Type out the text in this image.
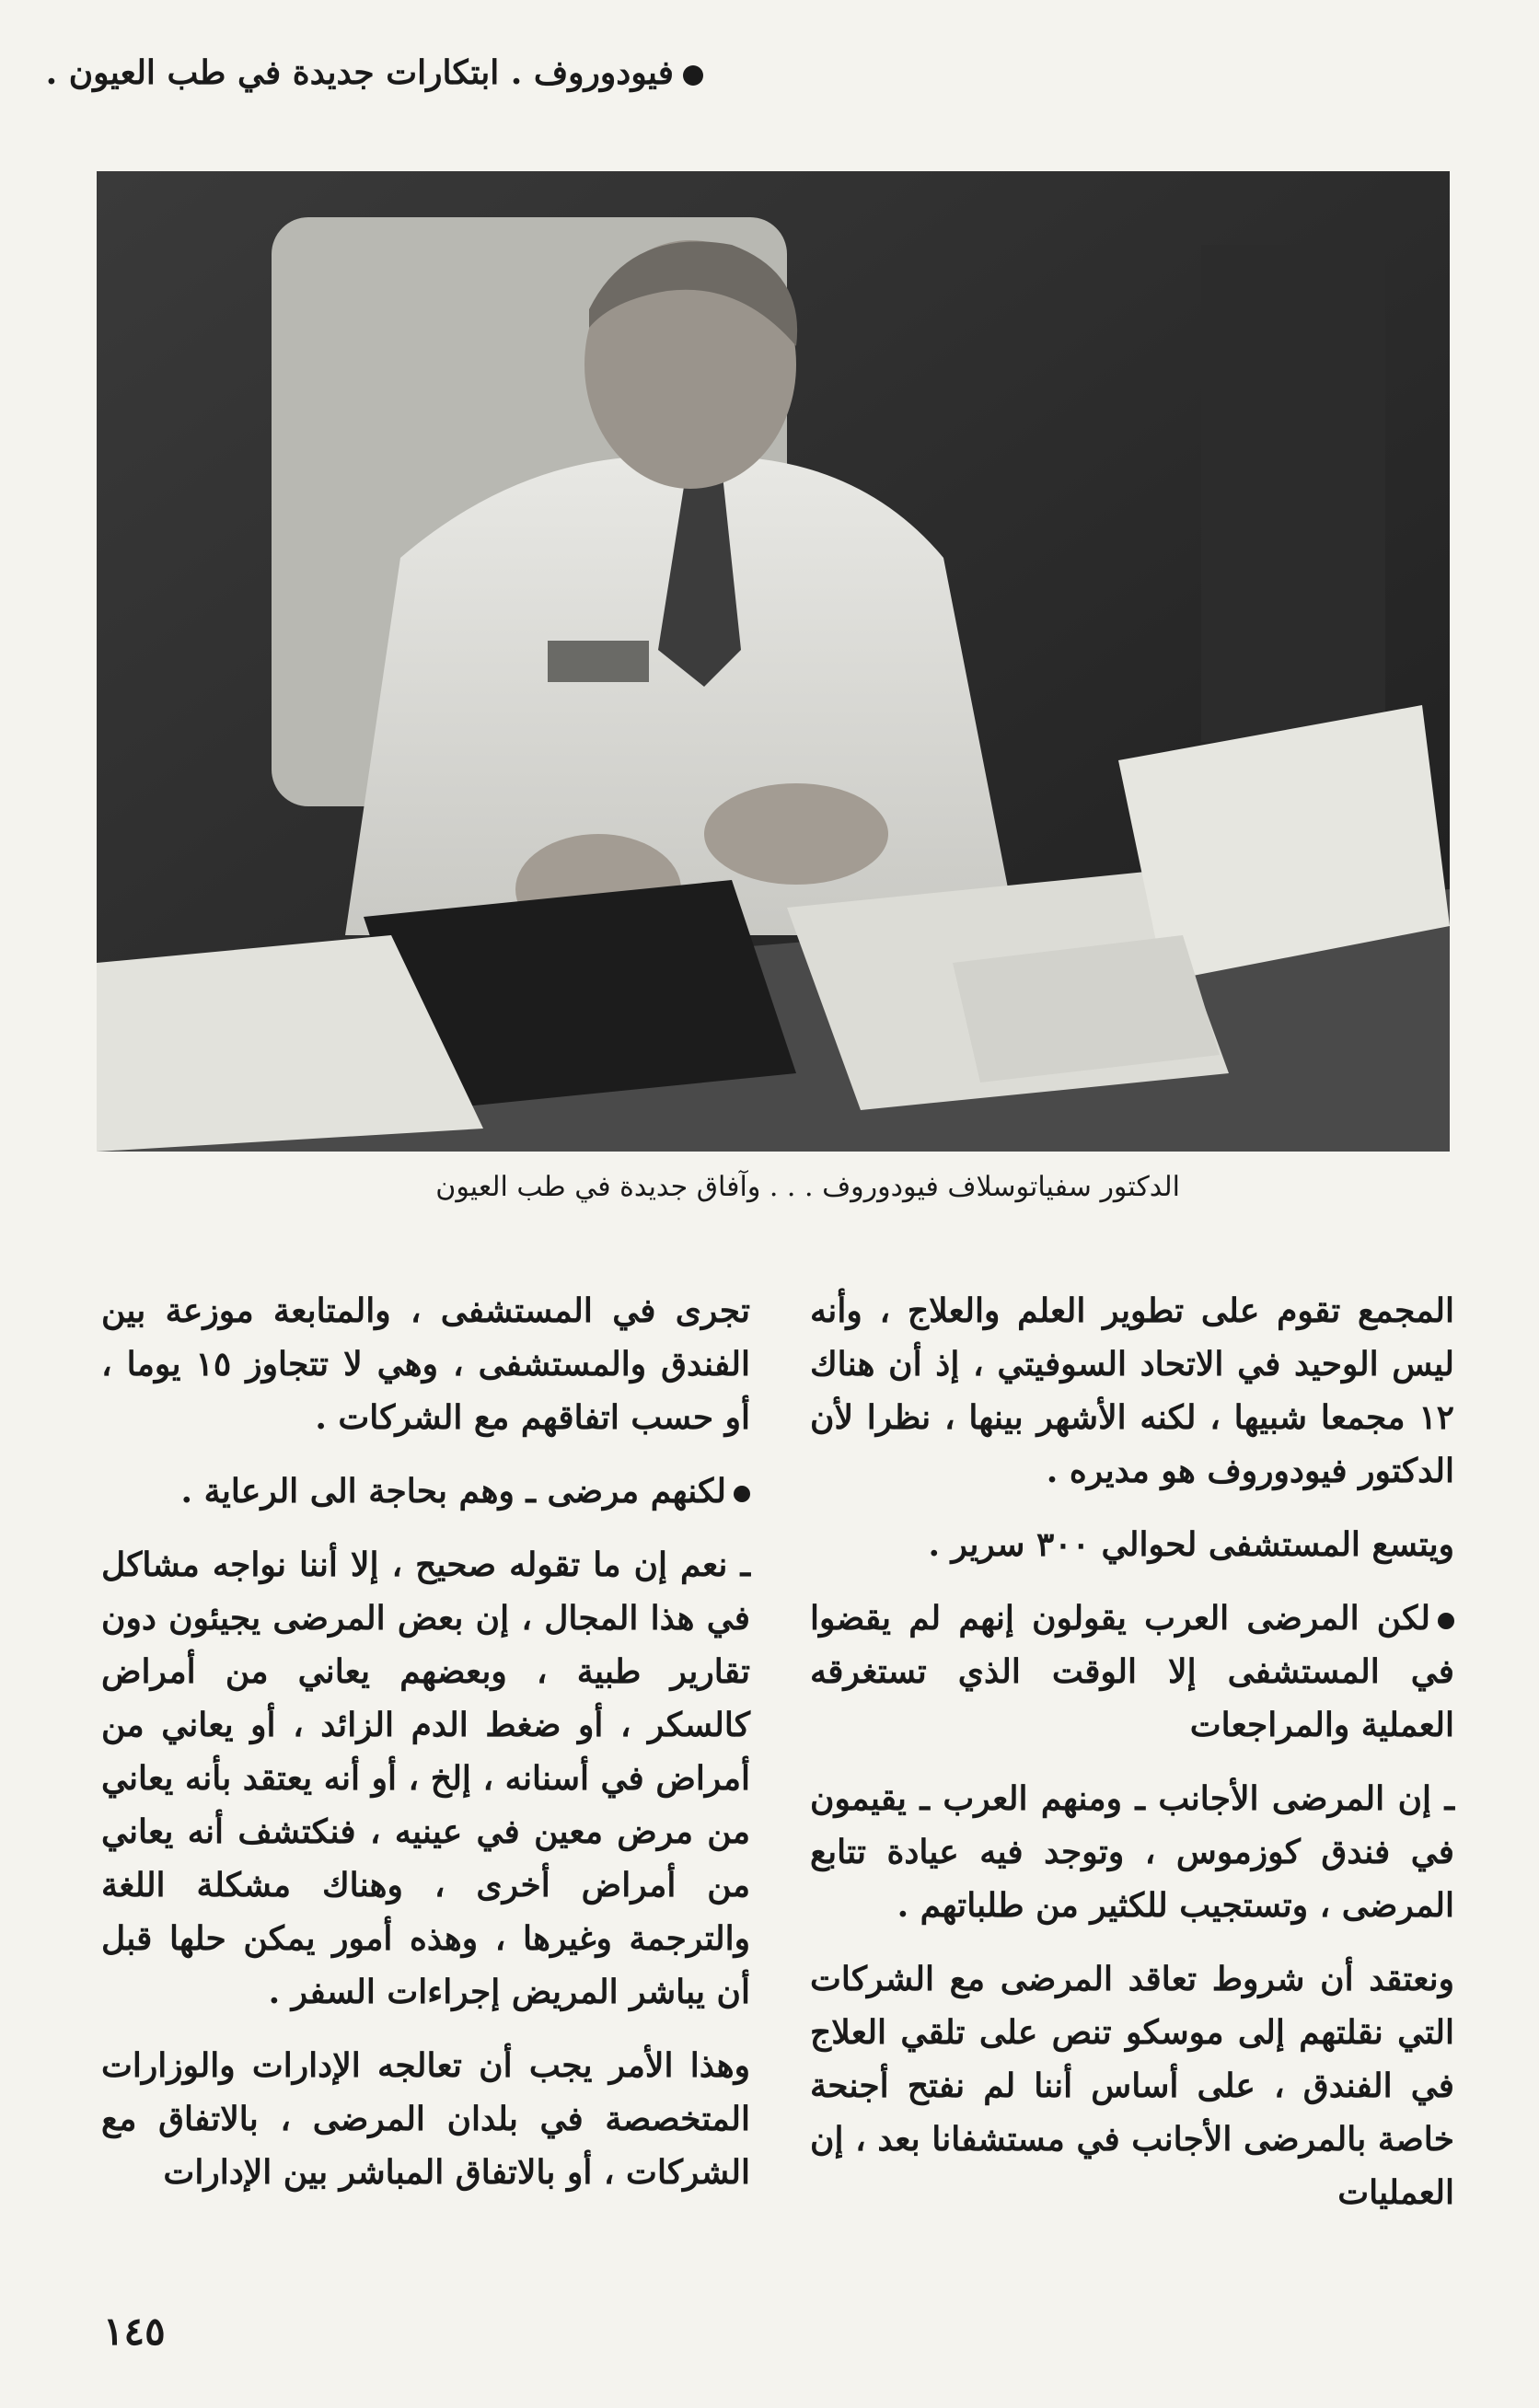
فيودوروف . ابتكارات جديدة في طب العيون .
الدكتور سفياتوسلاف فيودوروف . . . وآفاق جديدة في طب العيون

المجمع تقوم على تطوير العلم والعلاج ، وأنه ليس الوحيد في الاتحاد السوفيتي ، إذ أن هناك ١٢ مجمعا شبيها ، لكنه الأشهر بينها ، نظرا لأن الدكتور فيودوروف هو مديره .

ويتسع المستشفى لحوالي ٣٠٠ سرير .

لكن المرضى العرب يقولون إنهم لم يقضوا في المستشفى إلا الوقت الذي تستغرقه العملية والمراجعات

ـ إن المرضى الأجانب ـ ومنهم العرب ـ يقيمون في فندق كوزموس ، وتوجد فيه عيادة تتابع المرضى ، وتستجيب للكثير من طلباتهم .

ونعتقد أن شروط تعاقد المرضى مع الشركات التي نقلتهم إلى موسكو تنص على تلقي العلاج في الفندق ، على أساس أننا لم نفتح أجنحة خاصة بالمرضى الأجانب في مستشفانا بعد ، إن العمليات

تجرى في المستشفى ، والمتابعة موزعة بين الفندق والمستشفى ، وهي لا تتجاوز ١٥ يوما ، أو حسب اتفاقهم مع الشركات .

لكنهم مرضى ـ وهم بحاجة الى الرعاية .

ـ نعم إن ما تقوله صحيح ، إلا أننا نواجه مشاكل في هذا المجال ، إن بعض المرضى يجيئون دون تقارير طبية ، وبعضهم يعاني من أمراض كالسكر ، أو ضغط الدم الزائد ، أو يعاني من أمراض في أسنانه ، إلخ ، أو أنه يعتقد بأنه يعاني من مرض معين في عينيه ، فنكتشف أنه يعاني من أمراض أخرى ، وهناك مشكلة اللغة والترجمة وغيرها ، وهذه أمور يمكن حلها قبل أن يباشر المريض إجراءات السفر .

وهذا الأمر يجب أن تعالجه الإدارات والوزارات المتخصصة في بلدان المرضى ، بالاتفاق مع الشركات ، أو بالاتفاق المباشر بين الإدارات

١٤٥
